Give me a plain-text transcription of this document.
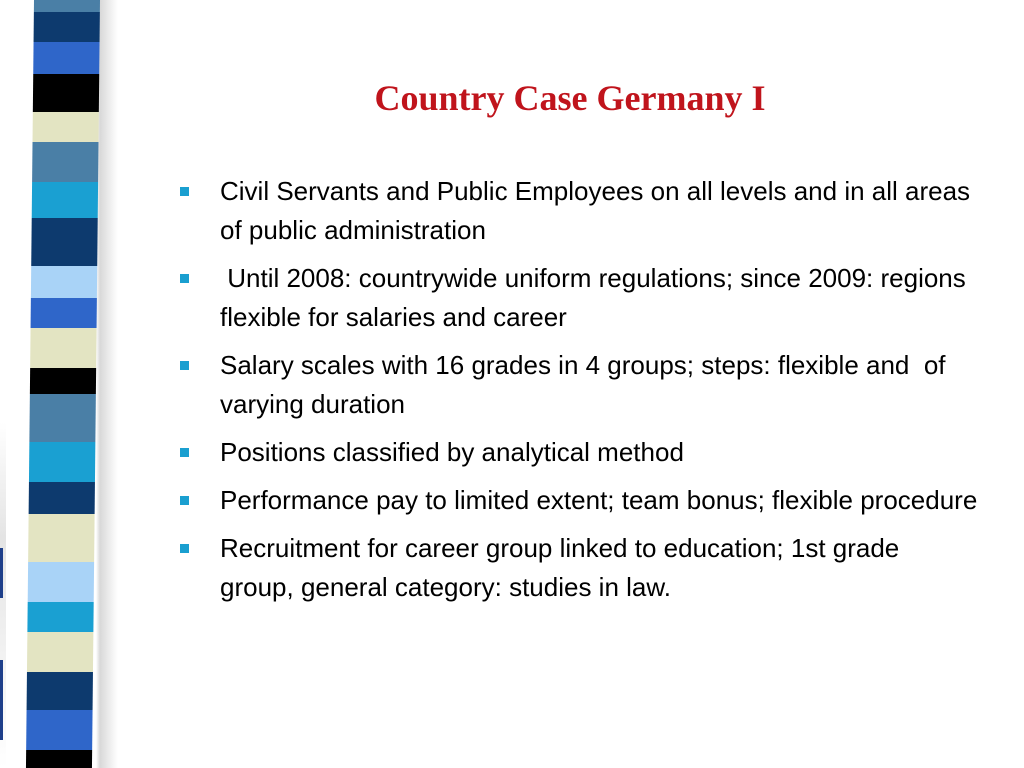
Country Case Germany I
Civil Servants and Public Employees on all levels and in all areas of public administration
Until 2008: countrywide uniform regulations; since 2009: regions flexible for salaries and career
Salary scales with 16 grades in 4 groups; steps: flexible and  of  varying duration
Positions classified by analytical method
Performance pay to limited extent; team bonus; flexible procedure
Recruitment for career group linked to education; 1st grade group, general category: studies in law.
